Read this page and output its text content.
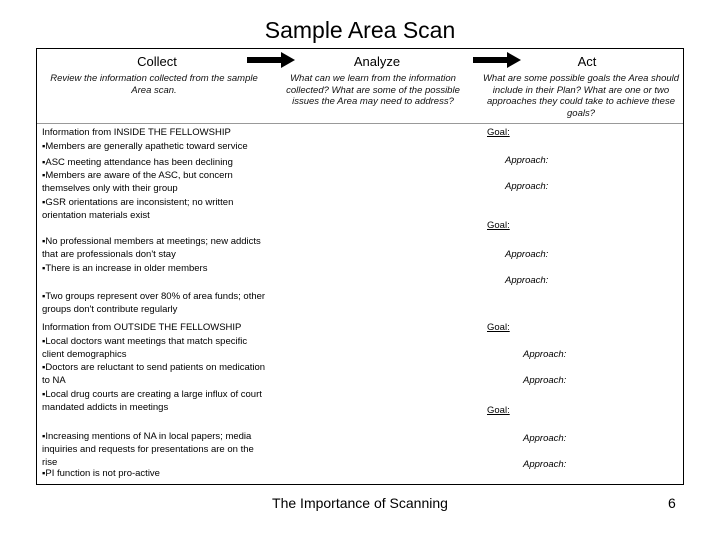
Sample Area Scan
Collect
Review the information collected from the sample Area scan.
Analyze
What can we learn from the information collected? What are some of the possible issues the Area may need to address?
Act
What are some possible goals the Area should include in their Plan? What are one or two approaches they could take to achieve these goals?
Information from INSIDE THE FELLOWSHIP
▪Members are generally apathetic toward service
▪ASC meeting attendance has been declining
▪Members are aware of the ASC, but concern themselves only with their group
▪GSR orientations are inconsistent; no written orientation materials exist
▪No professional members at meetings; new addicts that are professionals don't stay
▪There is an increase in older members
▪Two groups represent over 80% of area funds; other groups don't contribute regularly
Information from OUTSIDE THE FELLOWSHIP
▪Local doctors want meetings that match specific client demographics
▪Doctors are reluctant to send patients on medication to NA
▪Local drug courts are creating a large influx of court mandated addicts in meetings
▪Increasing mentions of NA in local papers; media inquiries and requests for presentations are on the rise
▪PI function is not pro-active
Goal:
Approach:
Approach:
Goal:
Approach:
Approach:
Goal:
Approach:
Approach:
Goal:
Approach:
Approach:
The Importance of Scanning	6
